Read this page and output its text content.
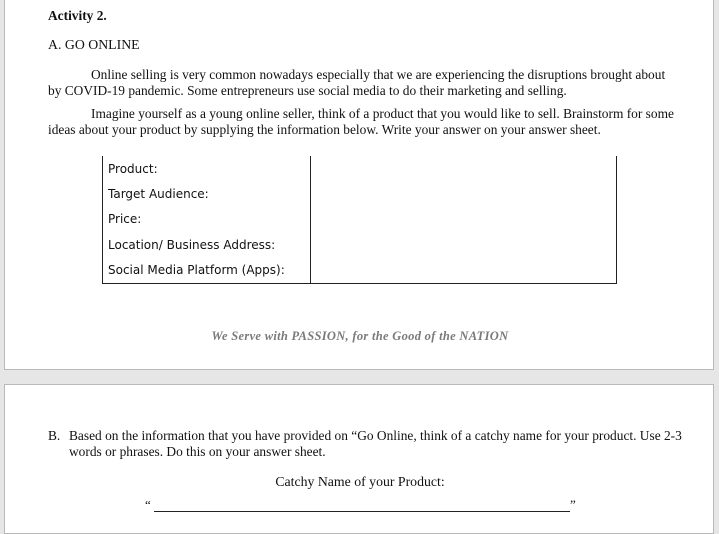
Activity 2.
A. GO ONLINE

Online selling is very common nowadays especially that we are experiencing the disruptions brought about by COVID-19 pandemic. Some entrepreneurs use social media to do their marketing and selling.

Imagine yourself as a young online seller, think of a product that you would like to sell. Brainstorm for some ideas about your product by supplying the information below. Write your answer on your answer sheet.

Product:	
Target Audience:	
Price:	
Location/ Business Address:	
Social Media Platform (Apps):	
We Serve with PASSION, for the Good of the NATION
B. Based on the information that you have provided on “Go Online, think of a catchy name for your product. Use 2-3 words or phrases. Do this on your answer sheet.
Catchy Name of your Product:
“	”
